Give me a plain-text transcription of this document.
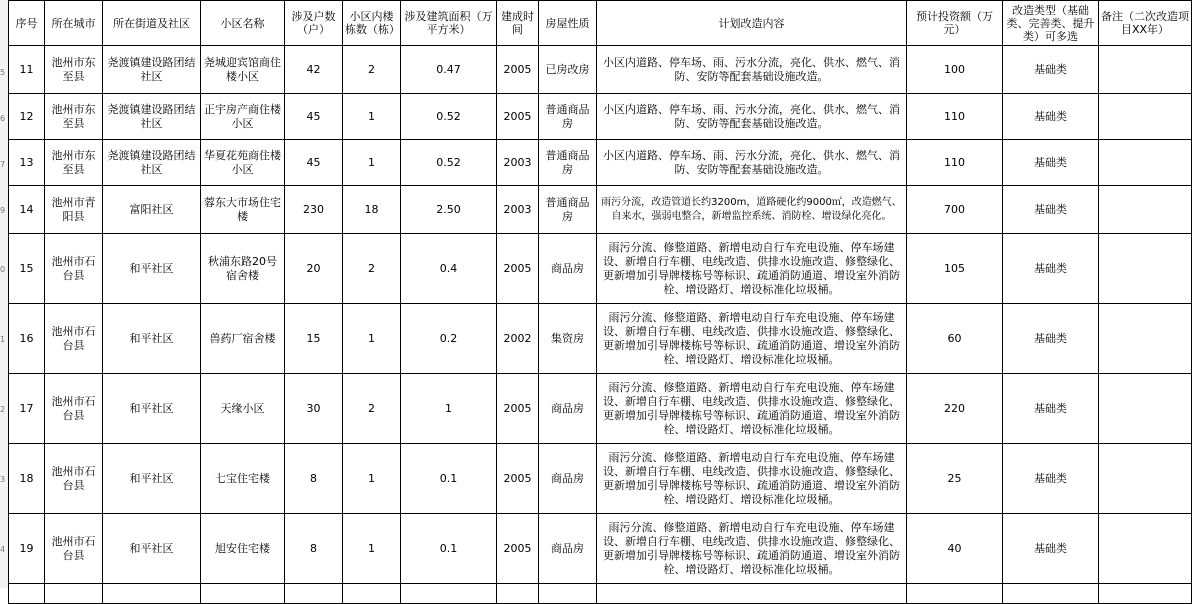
5
6
7
9
0
1
2
3
4
序号	所在城市	所在街道及社区	小区名称	涉及户数（户）	小区内楼栋数（栋）	涉及建筑面积（万平方米）	建成时间	房屋性质	计划改造内容	预计投资额（万元）	改造类型（基础类、完善类、提升类）可多选	备注（二次改造项目XX年）
11	池州市东至县	尧渡镇建设路团结社区	尧城迎宾馆商住楼小区	42	2	0.47	2005	已房改房	小区内道路、停车场、雨、污水分流，亮化、供水、燃气、消防、安防等配套基础设施改造。	100	基础类	
12	池州市东至县	尧渡镇建设路团结社区	正宇房产商住楼小区	45	1	0.52	2005	普通商品房	小区内道路、停车场、雨、污水分流，亮化、供水、燃气、消防、安防等配套基础设施改造。	110	基础类	
13	池州市东至县	尧渡镇建设路团结社区	华夏花苑商住楼小区	45	1	0.52	2003	普通商品房	小区内道路、停车场、雨、污水分流，亮化、供水、燃气、消防、安防等配套基础设施改造。	110	基础类	
14	池州市青阳县	富阳社区	蓉东大市场住宅楼	230	18	2.50	2003	普通商品房	雨污分流，改造管道长约3200m，道路硬化约9000㎡，改造燃气、自来水，强弱电整合，新增监控系统、消防栓、增设绿化亮化。	700	基础类	
15	池州市石台县	和平社区	秋浦东路20号宿舍楼	20	2	0.4	2005	商品房	雨污分流、修整道路、新增电动自行车充电设施、停车场建设、新增自行车棚、电线改造、供排水设施改造、修整绿化、更新增加引导牌楼栋号等标识、疏通消防通道、增设室外消防栓、增设路灯、增设标准化垃圾桶。	105	基础类	
16	池州市石台县	和平社区	兽药厂宿舍楼	15	1	0.2	2002	集资房	雨污分流、修整道路、新增电动自行车充电设施、停车场建设、新增自行车棚、电线改造、供排水设施改造、修整绿化、更新增加引导牌楼栋号等标识、疏通消防通道、增设室外消防栓、增设路灯、增设标准化垃圾桶。	60	基础类	
17	池州市石台县	和平社区	天缘小区	30	2	1	2005	商品房	雨污分流、修整道路、新增电动自行车充电设施、停车场建设、新增自行车棚、电线改造、供排水设施改造、修整绿化、更新增加引导牌楼栋号等标识、疏通消防通道、增设室外消防栓、增设路灯、增设标准化垃圾桶。	220	基础类	
18	池州市石台县	和平社区	七宝住宅楼	8	1	0.1	2005	商品房	雨污分流、修整道路、新增电动自行车充电设施、停车场建设、新增自行车棚、电线改造、供排水设施改造、修整绿化、更新增加引导牌楼栋号等标识、疏通消防通道、增设室外消防栓、增设路灯、增设标准化垃圾桶。	25	基础类	
19	池州市石台县	和平社区	旭安住宅楼	8	1	0.1	2005	商品房	雨污分流、修整道路、新增电动自行车充电设施、停车场建设、新增自行车棚、电线改造、供排水设施改造、修整绿化、更新增加引导牌楼栋号等标识、疏通消防通道、增设室外消防栓、增设路灯、增设标准化垃圾桶。	40	基础类	
